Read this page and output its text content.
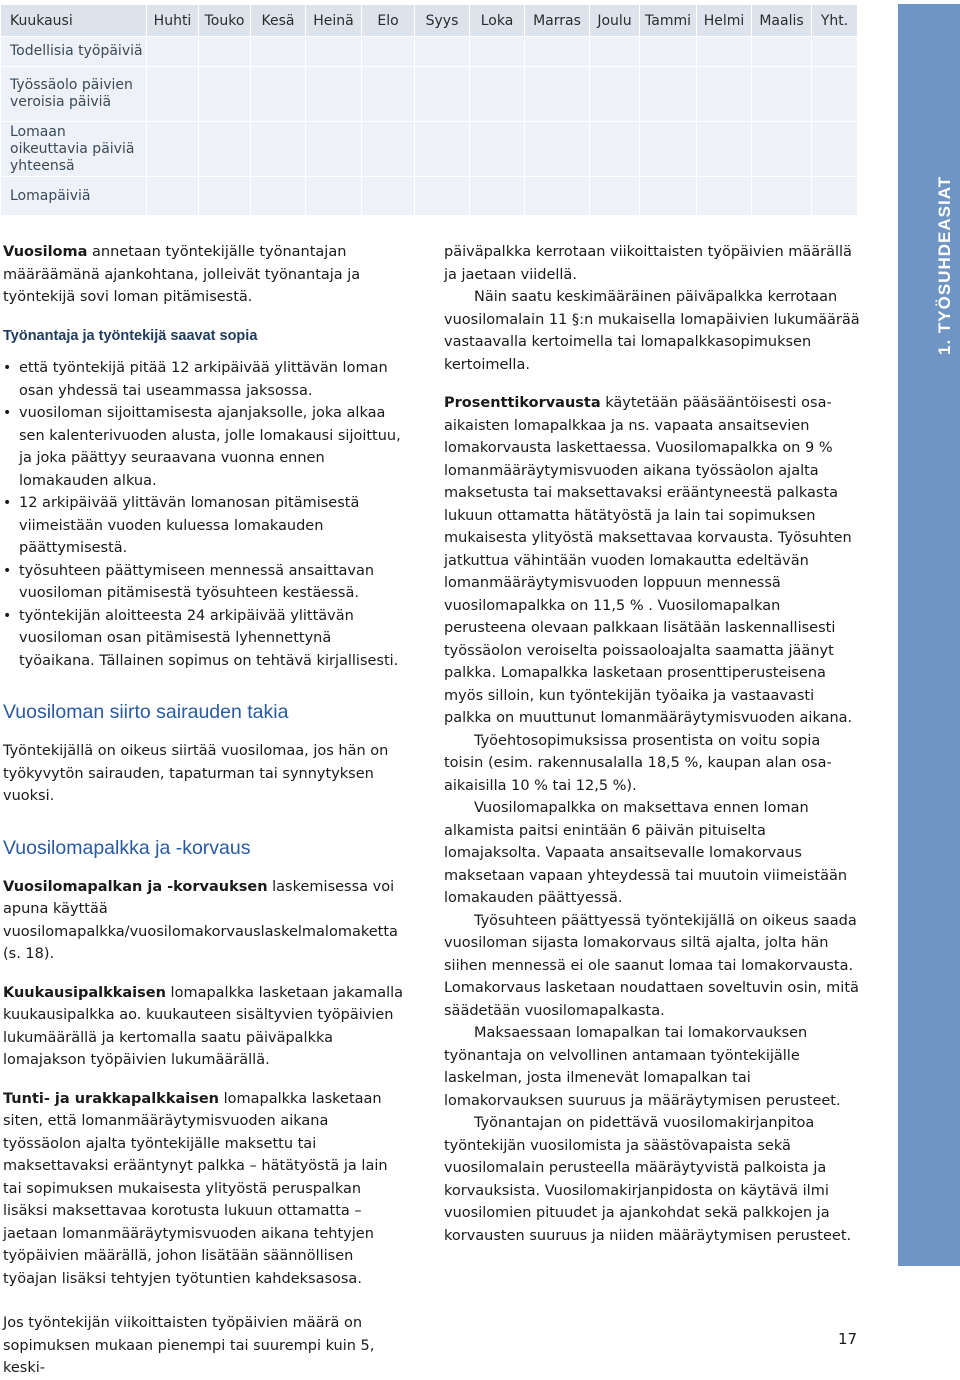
Kuukausi	Huhti	Touko	Kesä	Heinä	Elo	Syys	Loka	Marras	Joulu	Tammi	Helmi	Maalis	Yht.
Todellisia työpäiviä													
Työssäolo päivien veroisia päiviä													
Lomaan oikeuttavia päiviä yhteensä													
Lomapäiviä														1. TYÖSUHDEASIAT

Vuosiloma annetaan työntekijälle työnantajan määräämänä ajankohtana, jolleivät työnantaja ja työntekijä sovi loman pitämisestä.

Työnantaja ja työntekijä saavat sopia

• että työntekijä pitää 12 arkipäivää ylittävän loman osan yhdessä tai useammassa jaksossa.
• vuosiloman sijoittamisesta ajanjaksolle, joka alkaa sen kalenterivuoden alusta, jolle lomakausi sijoittuu, ja joka päättyy seuraavana vuonna ennen lomakauden alkua.
• 12 arkipäivää ylittävän lomanosan pitämisestä viimeistään vuoden kuluessa lomakauden päättymisestä.
• työsuhteen päättymiseen mennessä ansaittavan vuosiloman pitämisestä työsuhteen kestäessä.
• työntekijän aloitteesta 24 arkipäivää ylittävän vuosiloman osan pitämisestä lyhennettynä työaikana. Tällainen sopimus on tehtävä kirjallisesti.
Vuosiloman siirto sairauden takia

Työntekijällä on oikeus siirtää vuosilomaa, jos hän on työkyvytön sairauden, tapaturman tai synnytyksen vuoksi.

Vuosilomapalkka ja -korvaus

Vuosilomapalkan ja -korvauksen laskemisessa voi apuna käyttää vuosilomapalkka/vuosilomakorvauslaskelmalomaketta (s. 18).

Kuukausipalkkaisen lomapalkka lasketaan jakamalla kuukausipalkka ao. kuukauteen sisältyvien työpäivien lukumäärällä ja kertomalla saatu päiväpalkka lomajakson työpäivien lukumäärällä.

Tunti- ja urakkapalkkaisen lomapalkka lasketaan siten, että lomanmääräytymisvuoden aikana työssäolon ajalta työntekijälle maksettu tai maksettavaksi erääntynyt palkka – hätätyöstä ja lain tai sopimuksen mukaisesta ylityöstä peruspalkan lisäksi maksettavaa korotusta lukuun ottamatta – jaetaan lomanmääräytymisvuoden aikana tehtyjen työpäivien määrällä, johon lisätään säännöllisen työajan lisäksi tehtyjen työtuntien kahdeksasosa.

Jos työntekijän viikoittaisten työpäivien määrä on sopimuksen mukaan pienempi tai suurempi kuin 5, keski-

päiväpalkka kerrotaan viikoittaisten työpäivien määrällä ja jaetaan viidellä.

Näin saatu keskimääräinen päiväpalkka kerrotaan vuosilomalain 11 §:n mukaisella lomapäivien lukumäärää vastaavalla kertoimella tai lomapalkkasopimuksen kertoimella.

Prosenttikorvausta käytetään pääsääntöisesti osa-aikaisten lomapalkkaa ja ns. vapaata ansaitsevien lomakorvausta laskettaessa. Vuosilomapalkka on 9 % lomanmääräytymisvuoden aikana työssäolon ajalta maksetusta tai maksettavaksi erääntyneestä palkasta lukuun ottamatta hätätyöstä ja lain tai sopimuksen mukaisesta ylityöstä maksettavaa korvausta. Työsuhten jatkuttua vähintään vuoden lomakautta edeltävän lomanmääräytymisvuoden loppuun mennessä vuosilomapalkka on 11,5 % . Vuosilomapalkan perusteena olevaan palkkaan lisätään laskennallisesti työssäolon veroiselta poissaoloajalta saamatta jäänyt palkka. Lomapalkka lasketaan prosenttiperusteisena myös silloin, kun työntekijän työaika ja vastaavasti palkka on muuttunut lomanmääräytymisvuoden aikana.

Työehtosopimuksissa prosentista on voitu sopia toisin (esim. rakennusalalla 18,5 %, kaupan alan osa-aikaisilla 10 % tai 12,5 %).

Vuosilomapalkka on maksettava ennen loman alkamista paitsi enintään 6 päivän pituiselta lomajaksolta. Vapaata ansaitsevalle lomakorvaus maksetaan vapaan yhteydessä tai muutoin viimeistään lomakauden päättyessä.

Työsuhteen päättyessä työntekijällä on oikeus saada vuosiloman sijasta lomakorvaus siltä ajalta, jolta hän siihen mennessä ei ole saanut lomaa tai lomakorvausta. Lomakorvaus lasketaan noudattaen soveltuvin osin, mitä säädetään vuosilomapalkasta.

Maksaessaan lomapalkan tai lomakorvauksen työnantaja on velvollinen antamaan työntekijälle laskelman, josta ilmenevät lomapalkan tai lomakorvauksen suuruus ja määräytymisen perusteet.

Työnantajan on pidettävä vuosilomakirjanpitoa työntekijän vuosilomista ja säästövapaista sekä vuosilomalain perusteella määräytyvistä palkoista ja korvauksista. Vuosilomakirjanpidosta on käytävä ilmi vuosilomien pituudet ja ajankohdat sekä palkkojen ja korvausten suuruus ja niiden määräytymisen perusteet.

17
